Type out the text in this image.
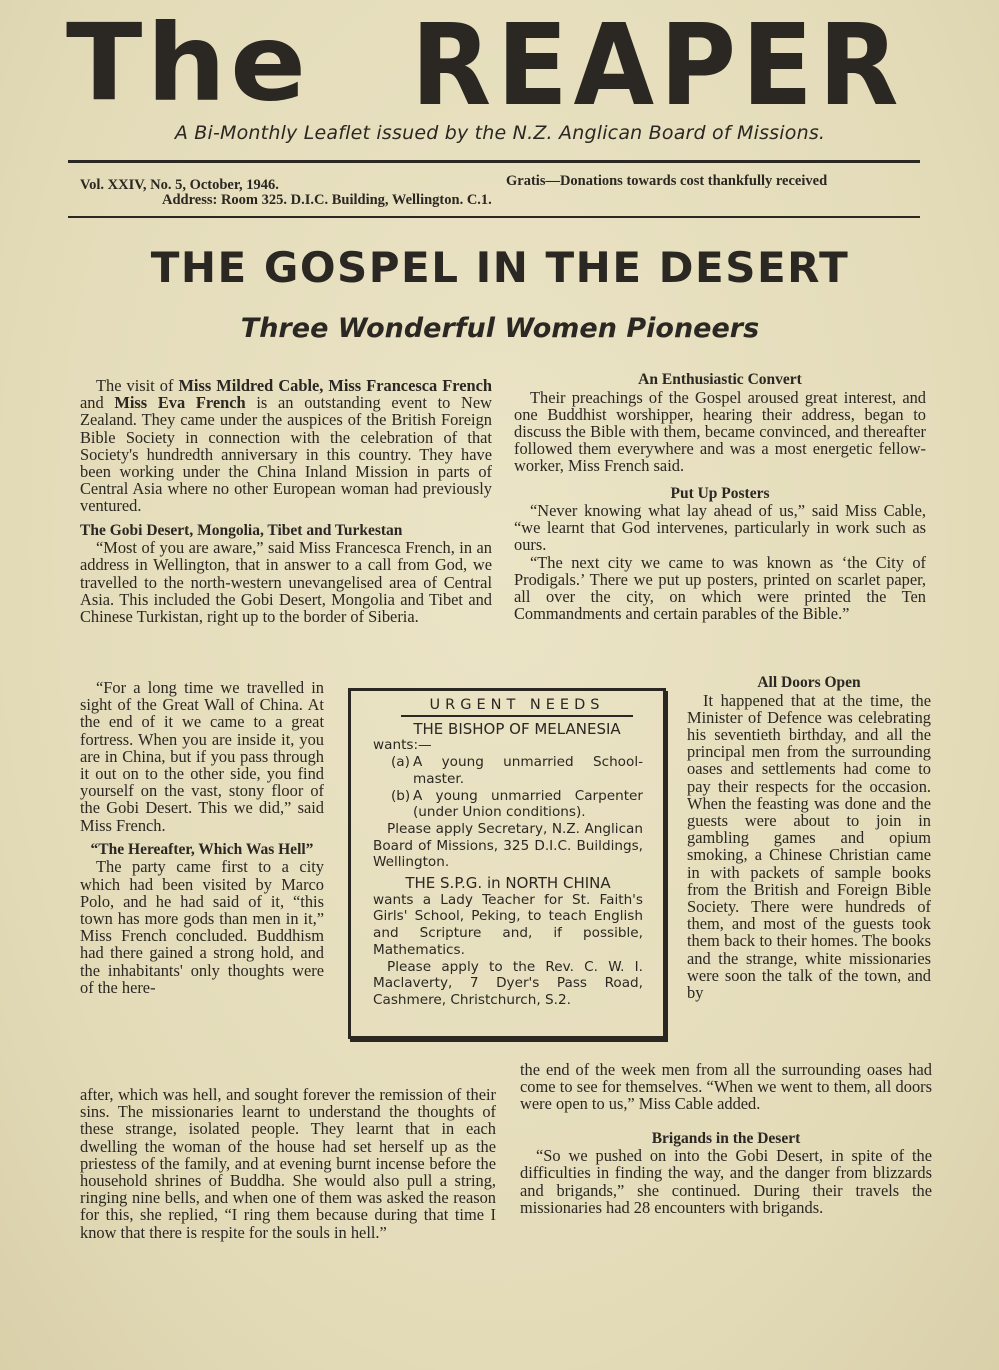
The REAPER
A Bi-Monthly Leaflet issued by the N.Z. Anglican Board of Missions.
Vol. XXIV, No. 5, October, 1946.	Gratis—Donations towards cost thankfully received
Address: Room 325. D.I.C. Building, Wellington. C.1.
THE GOSPEL IN THE DESERT
Three Wonderful Women Pioneers

The visit of Miss Mildred Cable, Miss Francesca French and Miss Eva French is an outstanding event to New Zealand. They came under the auspices of the British Foreign Bible Society in connection with the celebration of that Society's hundredth anniversary in this country. They have been working under the China Inland Mission in parts of Central Asia where no other European woman had previously ventured.

The Gobi Desert, Mongolia, Tibet and Turkestan

“Most of you are aware,” said Miss Francesca French, in an address in Wellington, that in answer to a call from God, we travelled to the north-western unevangelised area of Central Asia. This included the Gobi Desert, Mongolia and Tibet and Chinese Turkistan, right up to the border of Siberia.

“For a long time we travelled in sight of the Great Wall of China. At the end of it we came to a great fortress. When you are inside it, you are in China, but if you pass through it out on to the other side, you find yourself on the vast, stony floor of the Gobi Desert. This we did,” said Miss French.

“The Hereafter, Which Was Hell”

The party came first to a city which had been visited by Marco Polo, and he had said of it, “this town has more gods than men in it,” Miss French concluded. Buddhism had there gained a strong hold, and the inhabitants' only thoughts were of the here-

after, which was hell, and sought forever the remission of their sins. The missionaries learnt to understand the thoughts of these strange, isolated people. They learnt that in each dwelling the woman of the house had set herself up as the priestess of the family, and at evening burnt incense before the household shrines of Buddha. She would also pull a string, ringing nine bells, and when one of them was asked the reason for this, she replied, “I ring them because during that time I know that there is respite for the souls in hell.”

An Enthusiastic Convert

Their preachings of the Gospel aroused great interest, and one Buddhist worshipper, hearing their address, began to discuss the Bible with them, became convinced, and thereafter followed them everywhere and was a most energetic fellow-worker, Miss French said.

Put Up Posters

“Never knowing what lay ahead of us,” said Miss Cable, “we learnt that God intervenes, particularly in work such as ours.

“The next city we came to was known as ‘the City of Prodigals.’ There we put up posters, printed on scarlet paper, all over the city, on which were printed the Ten Commandments and certain parables of the Bible.”

All Doors Open

It happened that at the time, the Minister of Defence was celebrating his seventieth birthday, and all the principal men from the surrounding oases and settlements had come to pay their respects for the occasion. When the feasting was done and the guests were about to join in gambling games and opium smoking, a Chinese Christian came in with packets of sample books from the British and Foreign Bible Society. There were hundreds of them, and most of the guests took them back to their homes. The books and the strange, white missionaries were soon the talk of the town, and by

the end of the week men from all the surrounding oases had come to see for themselves. “When we went to them, all doors were open to us,” Miss Cable added.

Brigands in the Desert

“So we pushed on into the Gobi Desert, in spite of the difficulties in finding the way, and the danger from blizzards and brigands,” she continued. During their travels the missionaries had 28 encounters with brigands.

URGENT NEEDS
THE BISHOP OF MELANESIA
wants:—
(a) A young unmarried School-master.
(b) A young unmarried Carpenter (under Union conditions).
Please apply Secretary, N.Z. Anglican Board of Missions, 325 D.I.C. Buildings, Wellington.
THE S.P.G. in NORTH CHINA
wants a Lady Teacher for St. Faith's Girls' School, Peking, to teach English and Scripture and, if possible, Mathematics.
Please apply to the Rev. C. W. I. Maclaverty, 7 Dyer's Pass Road, Cashmere, Christchurch, S.2.
